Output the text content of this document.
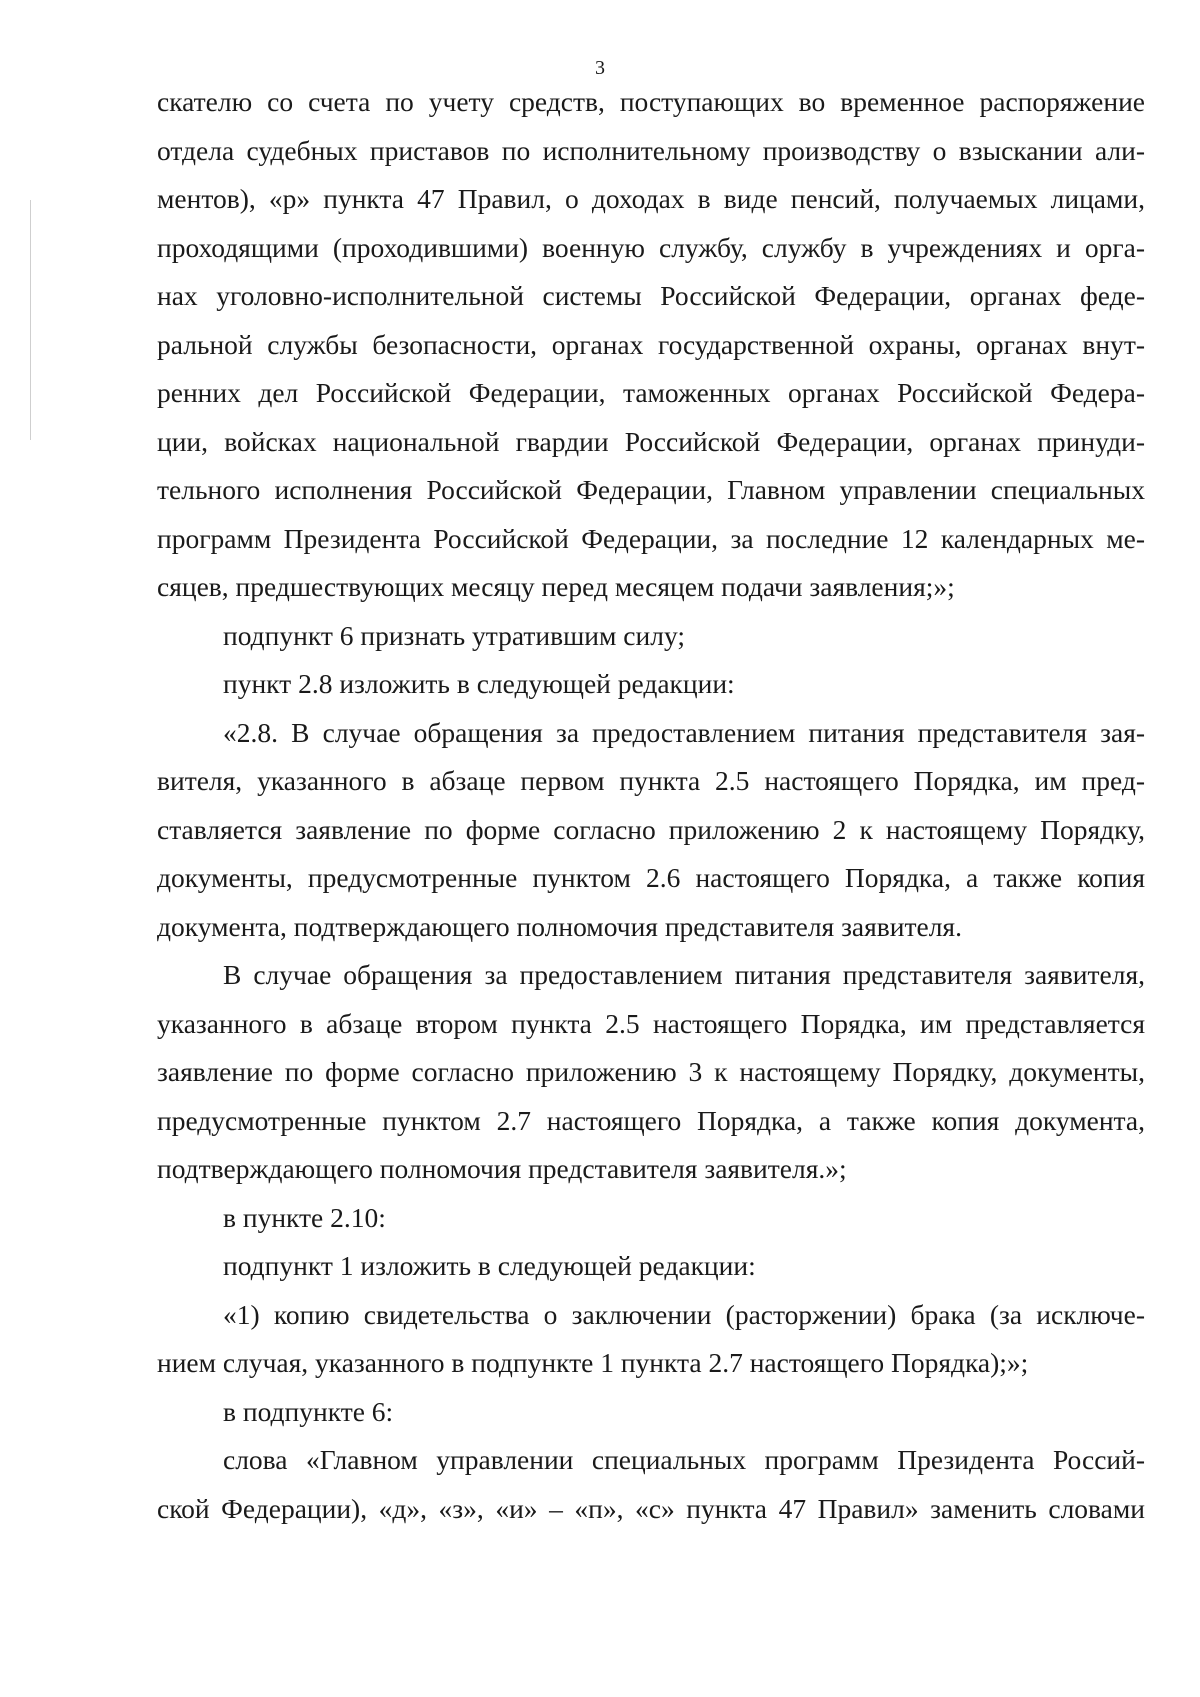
3
скателю со счета по учету средств, поступающих во временное распоряжение
отдела судебных приставов по исполнительному производству о взыскании али-
ментов), «р» пункта 47 Правил, о доходах в виде пенсий, получаемых лицами,
проходящими (проходившими) военную службу, службу в учреждениях и орга-
нах уголовно-исполнительной системы Российской Федерации, органах феде-
ральной службы безопасности, органах государственной охраны, органах внут-
ренних дел Российской Федерации, таможенных органах Российской Федера-
ции, войсках национальной гвардии Российской Федерации, органах принуди-
тельного исполнения Российской Федерации, Главном управлении специальных
программ Президента Российской Федерации, за последние 12 календарных ме-
сяцев, предшествующих месяцу перед месяцем подачи заявления;»;
подпункт 6 признать утратившим силу;
пункт 2.8 изложить в следующей редакции:
«2.8. В случае обращения за предоставлением питания представителя зая-
вителя, указанного в абзаце первом пункта 2.5 настоящего Порядка, им пред-
ставляется заявление по форме согласно приложению 2 к настоящему Порядку,
документы, предусмотренные пунктом 2.6 настоящего Порядка, а также копия
документа, подтверждающего полномочия представителя заявителя.
В случае обращения за предоставлением питания представителя заявителя,
указанного в абзаце втором пункта 2.5 настоящего Порядка, им представляется
заявление по форме согласно приложению 3 к настоящему Порядку, документы,
предусмотренные пунктом 2.7 настоящего Порядка, а также копия документа,
подтверждающего полномочия представителя заявителя.»;
в пункте 2.10:
подпункт 1 изложить в следующей редакции:
«1) копию свидетельства о заключении (расторжении) брака (за исключе-
нием случая, указанного в подпункте 1 пункта 2.7 настоящего Порядка);»;
в подпункте 6:
слова «Главном управлении специальных программ Президента Россий-
ской Федерации), «д», «з», «и» – «п», «с» пункта 47 Правил» заменить словами
